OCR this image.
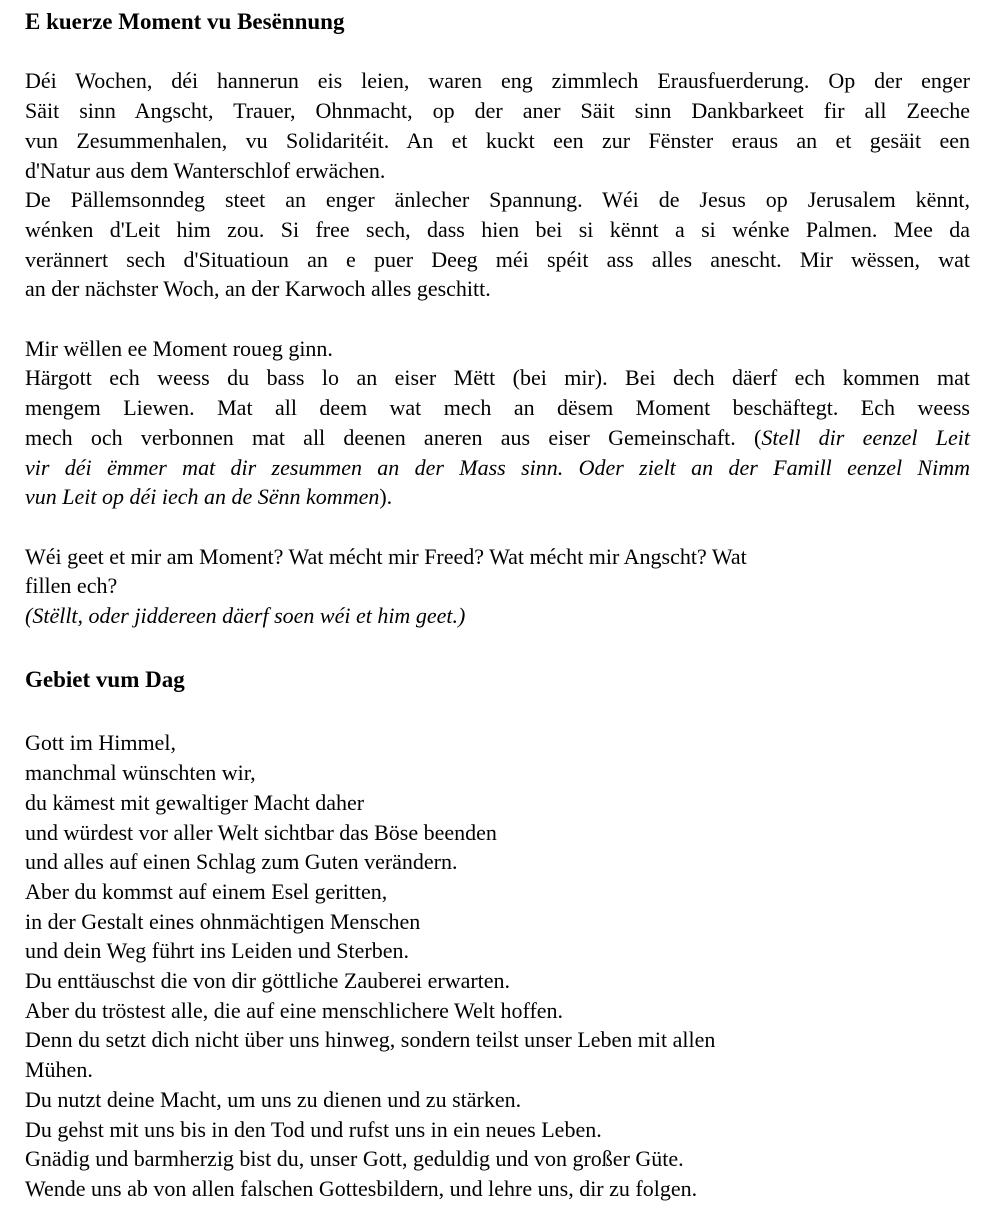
E kuerze Moment vu Besënnung
Déi Wochen, déi hannerun eis leien, waren eng zimmlech Erausfuerderung. Op der enger
Säit sinn Angscht, Trauer, Ohnmacht, op der aner Säit sinn Dankbarkeet fir all Zeeche
vun Zesummenhalen, vu Solidaritéit. An et kuckt een zur Fënster eraus an et gesäit een
d'Natur aus dem Wanterschlof erwächen.
De Pällemsonndeg steet an enger änlecher Spannung. Wéi de Jesus op Jerusalem kënnt,
wénken d'Leit him zou. Si free sech, dass hien bei si kënnt a si wénke Palmen. Mee da
verännert sech d'Situatioun an e puer Deeg méi spéit ass alles anescht. Mir wëssen, wat
an der nächster Woch, an der Karwoch alles geschitt.
Mir wëllen ee Moment roueg ginn.
Härgott ech weess du bass lo an eiser Mëtt (bei mir). Bei dech däerf ech kommen mat
mengem Liewen. Mat all deem wat mech an dësem Moment beschäftegt. Ech weess
mech och verbonnen mat all deenen aneren aus eiser Gemeinschaft. (Stell dir eenzel Leit
vir déi ëmmer mat dir zesummen an der Mass sinn. Oder zielt an der Famill eenzel Nimm
vun Leit op déi iech an de Sënn kommen).
Wéi geet et mir am Moment? Wat mécht mir Freed? Wat mécht mir Angscht? Wat
fillen ech?
(Stëllt, oder jiddereen däerf soen wéi et him geet.)
Gebiet vum Dag
Gott im Himmel,
manchmal wünschten wir,
du kämest mit gewaltiger Macht daher
und würdest vor aller Welt sichtbar das Böse beenden
und alles auf einen Schlag zum Guten verändern.
Aber du kommst auf einem Esel geritten,
in der Gestalt eines ohnmächtigen Menschen
und dein Weg führt ins Leiden und Sterben.
Du enttäuschst die von dir göttliche Zauberei erwarten.
Aber du tröstest alle, die auf eine menschlichere Welt hoffen.
Denn du setzt dich nicht über uns hinweg, sondern teilst unser Leben mit allen
Mühen.
Du nutzt deine Macht, um uns zu dienen und zu stärken.
Du gehst mit uns bis in den Tod und rufst uns in ein neues Leben.
Gnädig und barmherzig bist du, unser Gott, geduldig und von großer Güte.
Wende uns ab von allen falschen Gottesbildern, und lehre uns, dir zu folgen.
